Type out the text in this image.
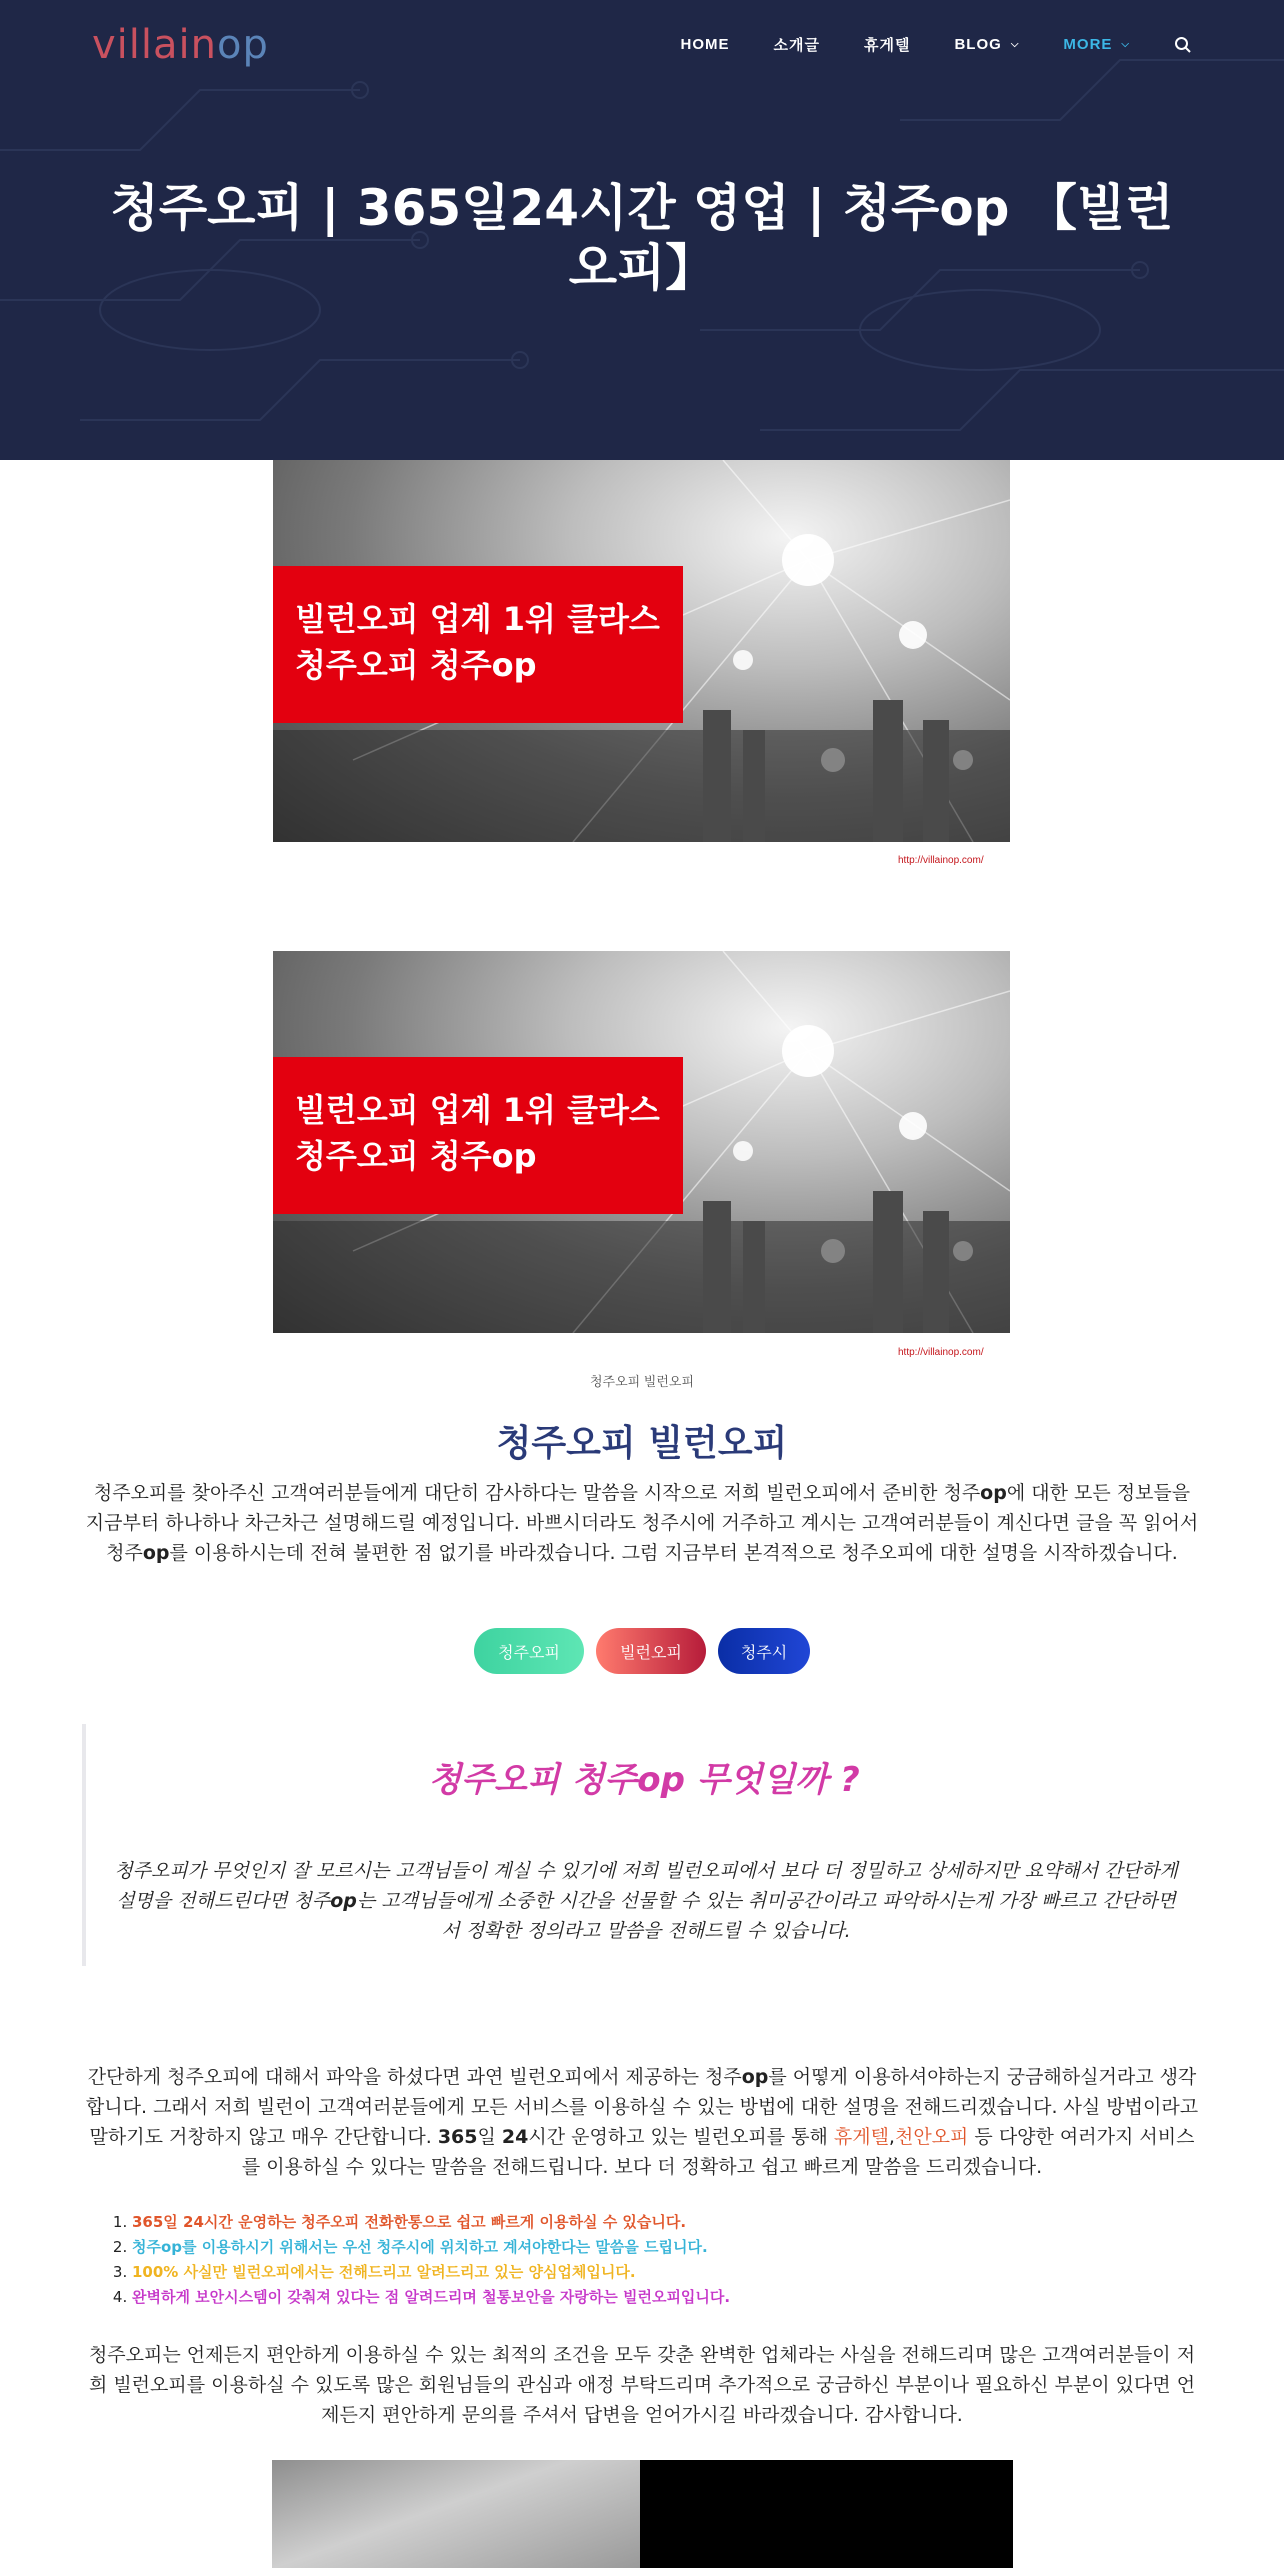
villainop	HOME	소개글	휴게텔	BLOG ⌵	MORE ⌵
청주오피 | 365일24시간 영업 | 청주op 【빌런오피】
빌런오피 업계 1위 클라스
청주오피 청주op
http://villainop.com/
빌런오피 업계 1위 클라스
청주오피 청주op
http://villainop.com/
청주오피 빌런오피
청주오피 빌런오피

청주오피를 찾아주신 고객여러분들에게 대단히 감사하다는 말씀을 시작으로 저희 빌런오피에서 준비한 청주op에 대한 모든 정보들을 지금부터 하나하나 차근차근 설명해드릴 예정입니다. 바쁘시더라도 청주시에 거주하고 계시는 고객여러분들이 계신다면 글을 꼭 읽어서 청주op를 이용하시는데 전혀 불편한 점 없기를 바라겠습니다. 그럼 지금부터 본격적으로 청주오피에 대한 설명을 시작하겠습니다.

청주오피	빌런오피	청주시
청주오피 청주op 무엇일까 ?

청주오피가 무엇인지 잘 모르시는 고객님들이 계실 수 있기에 저희 빌런오피에서 보다 더 정밀하고 상세하지만 요약해서 간단하게 설명을 전해드린다면 청주op는 고객님들에게 소중한 시간을 선물할 수 있는 취미공간이라고 파악하시는게 가장 빠르고 간단하면서 정확한 정의라고 말씀을 전해드릴 수 있습니다.

간단하게 청주오피에 대해서 파악을 하셨다면 과연 빌런오피에서 제공하는 청주op를 어떻게 이용하셔야하는지 궁금해하실거라고 생각합니다. 그래서 저희 빌런이 고객여러분들에게 모든 서비스를 이용하실 수 있는 방법에 대한 설명을 전해드리겠습니다. 사실 방법이라고 말하기도 거창하지 않고 매우 간단합니다. 365일 24시간 운영하고 있는 빌런오피를 통해 휴게텔,천안오피 등 다양한 여러가지 서비스를 이용하실 수 있다는 말씀을 전해드립니다. 보다 더 정확하고 쉽고 빠르게 말씀을 드리겠습니다.

1. 365일 24시간 운영하는 청주오피 전화한통으로 쉽고 빠르게 이용하실 수 있습니다.
2. 청주op를 이용하시기 위해서는 우선 청주시에 위치하고 계셔야한다는 말씀을 드립니다.
3. 100% 사실만 빌런오피에서는 전해드리고 알려드리고 있는 양심업체입니다.
4. 완벽하게 보안시스템이 갖춰져 있다는 점 알려드리며 철통보안을 자랑하는 빌런오피입니다.

청주오피는 언제든지 편안하게 이용하실 수 있는 최적의 조건을 모두 갖춘 완벽한 업체라는 사실을 전해드리며 많은 고객여러분들이 저희 빌런오피를 이용하실 수 있도록 많은 회원님들의 관심과 애정 부탁드리며 추가적으로 궁금하신 부분이나 필요하신 부분이 있다면 언제든지 편안하게 문의를 주셔서 답변을 얻어가시길 바라겠습니다. 감사합니다.
